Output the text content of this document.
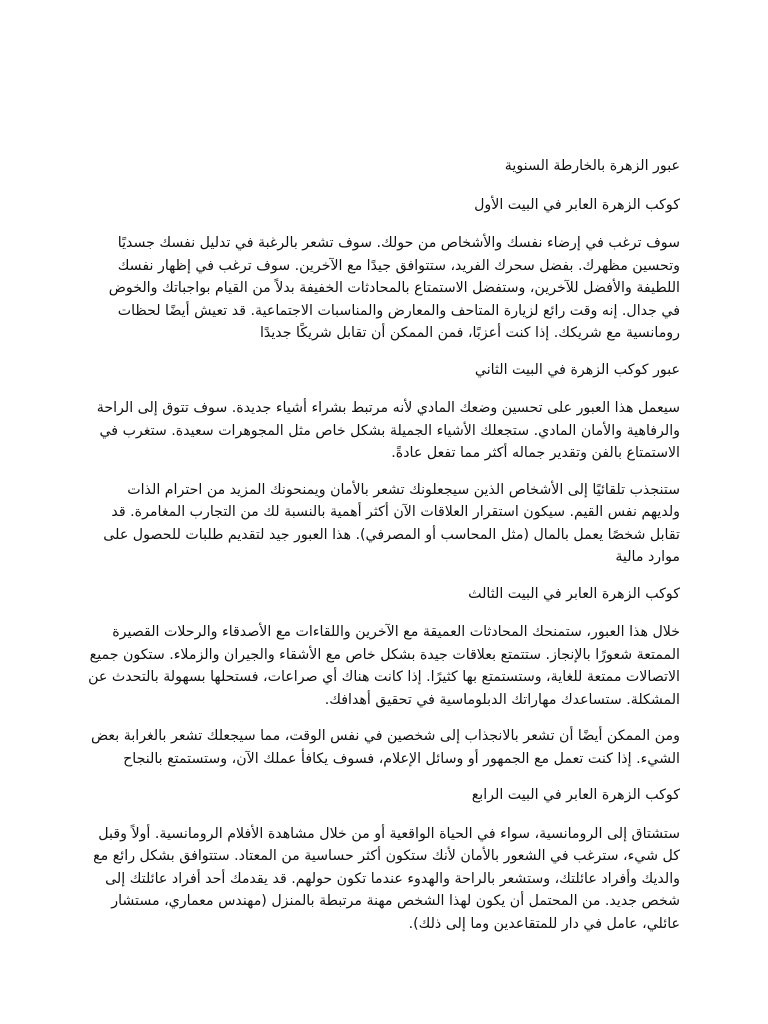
عبور الزهرة بالخارطة السنوية

كوكب الزهرة العابر في البيت الأول

سوف ترغب في إرضاء نفسك والأشخاص من حولك. سوف تشعر بالرغبة في تدليل نفسك جسديًا وتحسين مظهرك. بفضل سحرك الفريد، ستتوافق جيدًا مع الآخرين. سوف ترغب في إظهار نفسك اللطيفة والأفضل للآخرين، وستفضل الاستمتاع بالمحادثات الخفيفة بدلاً من القيام بواجباتك والخوض في جدال. إنه وقت رائع لزيارة المتاحف والمعارض والمناسبات الاجتماعية. قد تعيش أيضًا لحظات رومانسية مع شريكك. إذا كنت أعزبًا، فمن الممكن أن تقابل شريكًا جديدًا

عبور كوكب الزهرة في البيت الثاني

سيعمل هذا العبور على تحسين وضعك المادي لأنه مرتبط بشراء أشياء جديدة. سوف تتوق إلى الراحة والرفاهية والأمان المادي. ستجعلك الأشياء الجميلة بشكل خاص مثل المجوهرات سعيدة. ستغرب في الاستمتاع بالفن وتقدير جماله أكثر مما تفعل عادةً.

ستنجذب تلقائيًا إلى الأشخاص الذين سيجعلونك تشعر بالأمان ويمنحونك المزيد من احترام الذات ولديهم نفس القيم. سيكون استقرار العلاقات الآن أكثر أهمية بالنسبة لك من التجارب المغامرة. قد تقابل شخصًا يعمل بالمال (مثل المحاسب أو المصرفي). هذا العبور جيد لتقديم طلبات للحصول على موارد مالية

كوكب الزهرة العابر في البيت الثالث

خلال هذا العبور، ستمنحك المحادثات العميقة مع الآخرين واللقاءات مع الأصدقاء والرحلات القصيرة الممتعة شعورًا بالإنجاز. ستتمتع بعلاقات جيدة بشكل خاص مع الأشقاء والجيران والزملاء. ستكون جميع الاتصالات ممتعة للغاية، وستستمتع بها كثيرًا. إذا كانت هناك أي صراعات، فستحلها بسهولة بالتحدث عن المشكلة. ستساعدك مهاراتك الدبلوماسية في تحقيق أهدافك.

ومن الممكن أيضًا أن تشعر بالانجذاب إلى شخصين في نفس الوقت، مما سيجعلك تشعر بالغرابة بعض الشيء. إذا كنت تعمل مع الجمهور أو وسائل الإعلام، فسوف يكافأ عملك الآن، وستستمتع بالنجاح

كوكب الزهرة العابر في البيت الرابع

ستشتاق إلى الرومانسية، سواء في الحياة الواقعية أو من خلال مشاهدة الأفلام الرومانسية. أولاً وقبل كل شيء، سترغب في الشعور بالأمان لأنك ستكون أكثر حساسية من المعتاد. ستتوافق بشكل رائع مع والديك وأفراد عائلتك، وستشعر بالراحة والهدوء عندما تكون حولهم. قد يقدمك أحد أفراد عائلتك إلى شخص جديد. من المحتمل أن يكون لهذا الشخص مهنة مرتبطة بالمنزل (مهندس معماري، مستشار عائلي، عامل في دار للمتقاعدين وما إلى ذلك).
